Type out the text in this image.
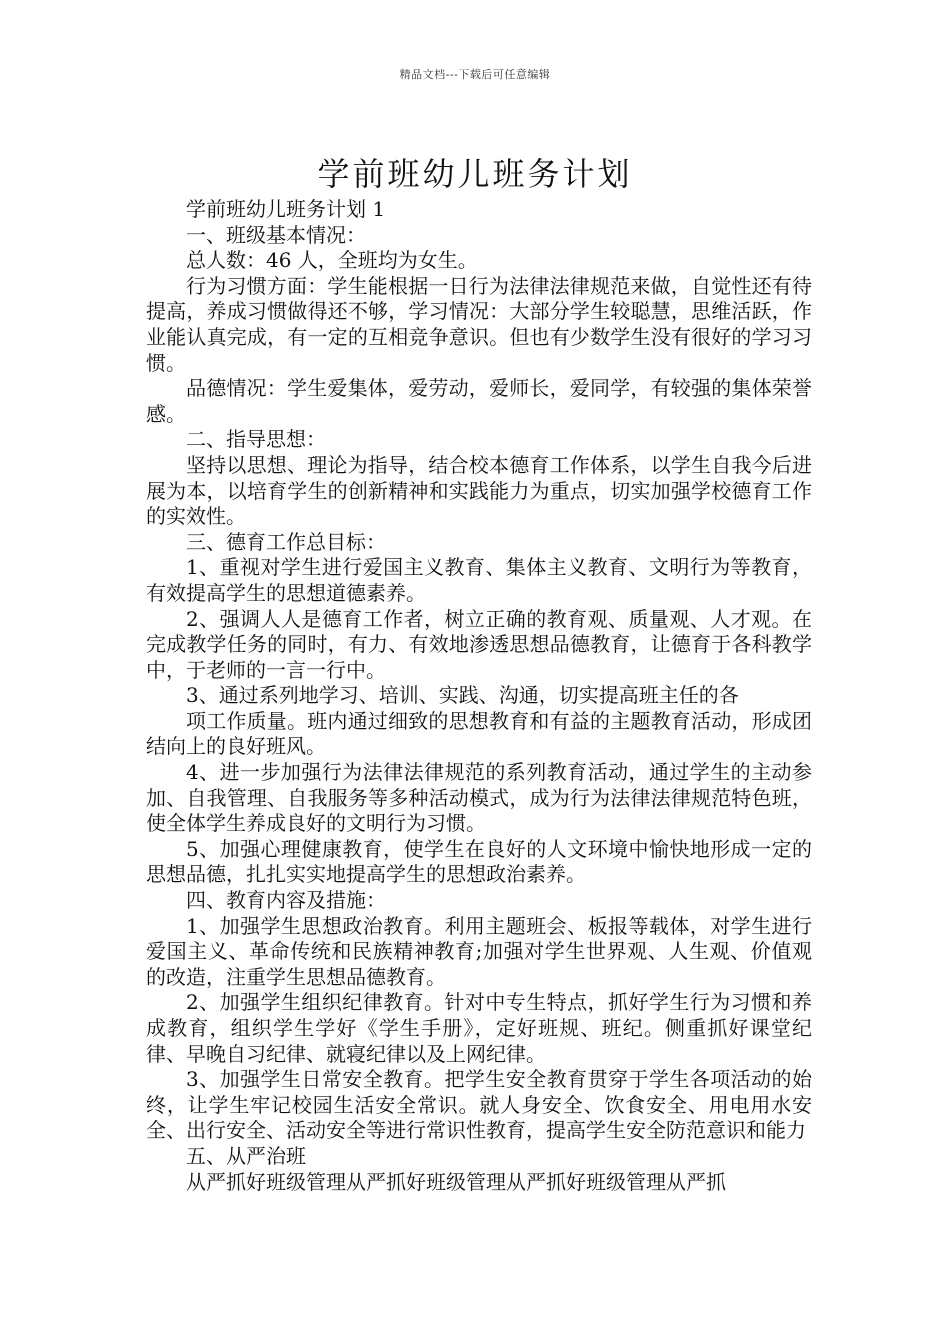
精品文档---下载后可任意编辑
学前班幼儿班务计划

学前班幼儿班务计划 1

一、班级基本情况：

总人数：46 人，全班均为女生。

行为习惯方面：学生能根据一日行为法律法律规范来做，自觉性还有待提高，养成习惯做得还不够，学习情况：大部分学生较聪慧，思维活跃，作业能认真完成，有一定的互相竞争意识。但也有少数学生没有很好的学习习惯。

品德情况：学生爱集体，爱劳动，爱师长，爱同学，有较强的集体荣誉感。

二、指导思想：

坚持以思想、理论为指导，结合校本德育工作体系，以学生自我今后进展为本，以培育学生的创新精神和实践能力为重点，切实加强学校德育工作的实效性。

三、德育工作总目标：

1、重视对学生进行爱国主义教育、集体主义教育、文明行为等教育，有效提高学生的思想道德素养。

2、强调人人是德育工作者，树立正确的教育观、质量观、人才观。在完成教学任务的同时，有力、有效地渗透思想品德教育，让德育于各科教学中，于老师的一言一行中。

3、通过系列地学习、培训、实践、沟通，切实提高班主任的各

项工作质量。班内通过细致的思想教育和有益的主题教育活动，形成团结向上的良好班风。

4、进一步加强行为法律法律规范的系列教育活动，通过学生的主动参加、自我管理、自我服务等多种活动模式，成为行为法律法律规范特色班，使全体学生养成良好的文明行为习惯。

5、加强心理健康教育，使学生在良好的人文环境中愉快地形成一定的思想品德，扎扎实实地提高学生的思想政治素养。

四、教育内容及措施：

1、加强学生思想政治教育。利用主题班会、板报等载体，对学生进行爱国主义、革命传统和民族精神教育;加强对学生世界观、人生观、价值观的改造，注重学生思想品德教育。

2、加强学生组织纪律教育。针对中专生特点，抓好学生行为习惯和养成教育，组织学生学好《学生手册》，定好班规、班纪。侧重抓好课堂纪律、早晚自习纪律、就寝纪律以及上网纪律。

3、加强学生日常安全教育。把学生安全教育贯穿于学生各项活动的始终，让学生牢记校园生活安全常识。就人身安全、饮食安全、用电用水安全、出行安全、活动安全等进行常识性教育，提高学生安全防范意识和能力

五、从严治班

从严抓好班级管理从严抓好班级管理从严抓好班级管理从严抓
